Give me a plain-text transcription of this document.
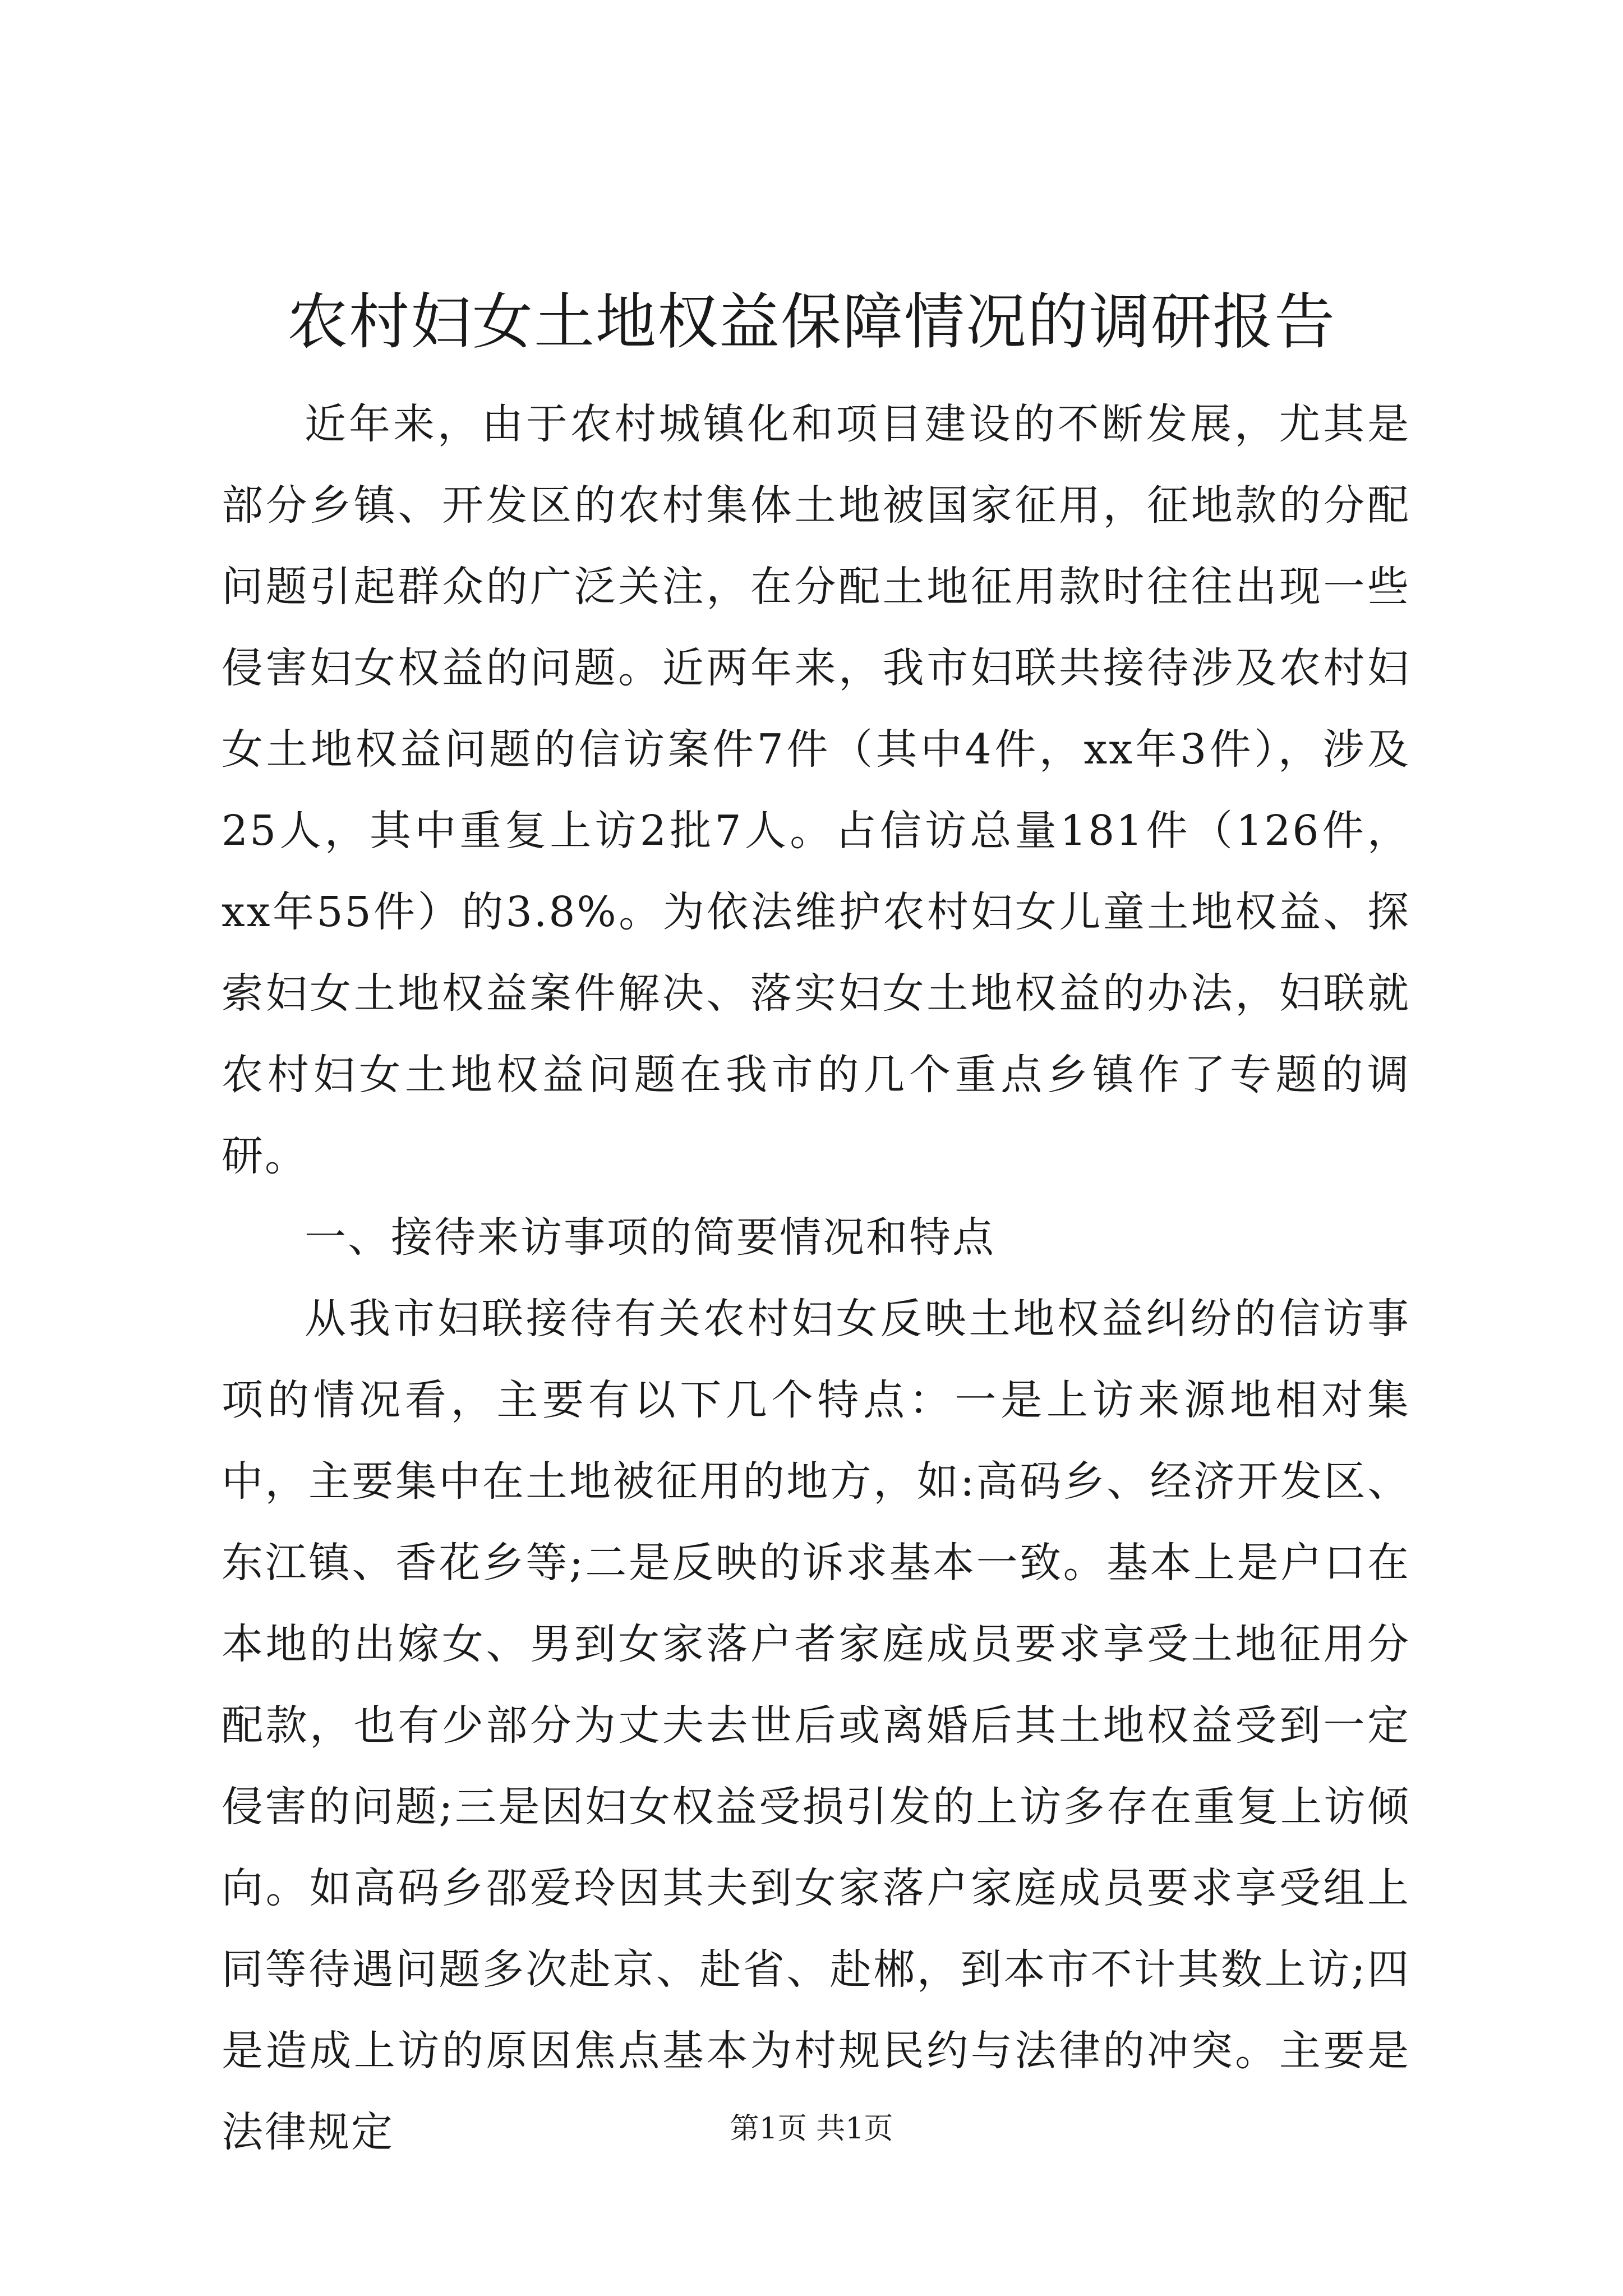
农村妇女土地权益保障情况的调研报告

近年来，由于农村城镇化和项目建设的不断发展，尤其是部分乡镇、开发区的农村集体土地被国家征用，征地款的分配问题引起群众的广泛关注，在分配土地征用款时往往出现一些侵害妇女权益的问题。近两年来，我市妇联共接待涉及农村妇女土地权益问题的信访案件7件（其中4件，xx年3件），涉及25人，其中重复上访2批7人。占信访总量181件（126件，xx年55件）的3.8%。为依法维护农村妇女儿童土地权益、探索妇女土地权益案件解决、落实妇女土地权益的办法，妇联就农村妇女土地权益问题在我市的几个重点乡镇作了专题的调研。

一、接待来访事项的简要情况和特点

从我市妇联接待有关农村妇女反映土地权益纠纷的信访事项的情况看，主要有以下几个特点：一是上访来源地相对集中，主要集中在土地被征用的地方，如:高码乡、经济开发区、东江镇、香花乡等;二是反映的诉求基本一致。基本上是户口在本地的出嫁女、男到女家落户者家庭成员要求享受土地征用分配款，也有少部分为丈夫去世后或离婚后其土地权益受到一定侵害的问题;三是因妇女权益受损引发的上访多存在重复上访倾向。如高码乡邵爱玲因其夫到女家落户家庭成员要求享受组上同等待遇问题多次赴京、赴省、赴郴，到本市不计其数上访;四是造成上访的原因焦点基本为村规民约与法律的冲突。主要是法律规定	第1页 共1页
